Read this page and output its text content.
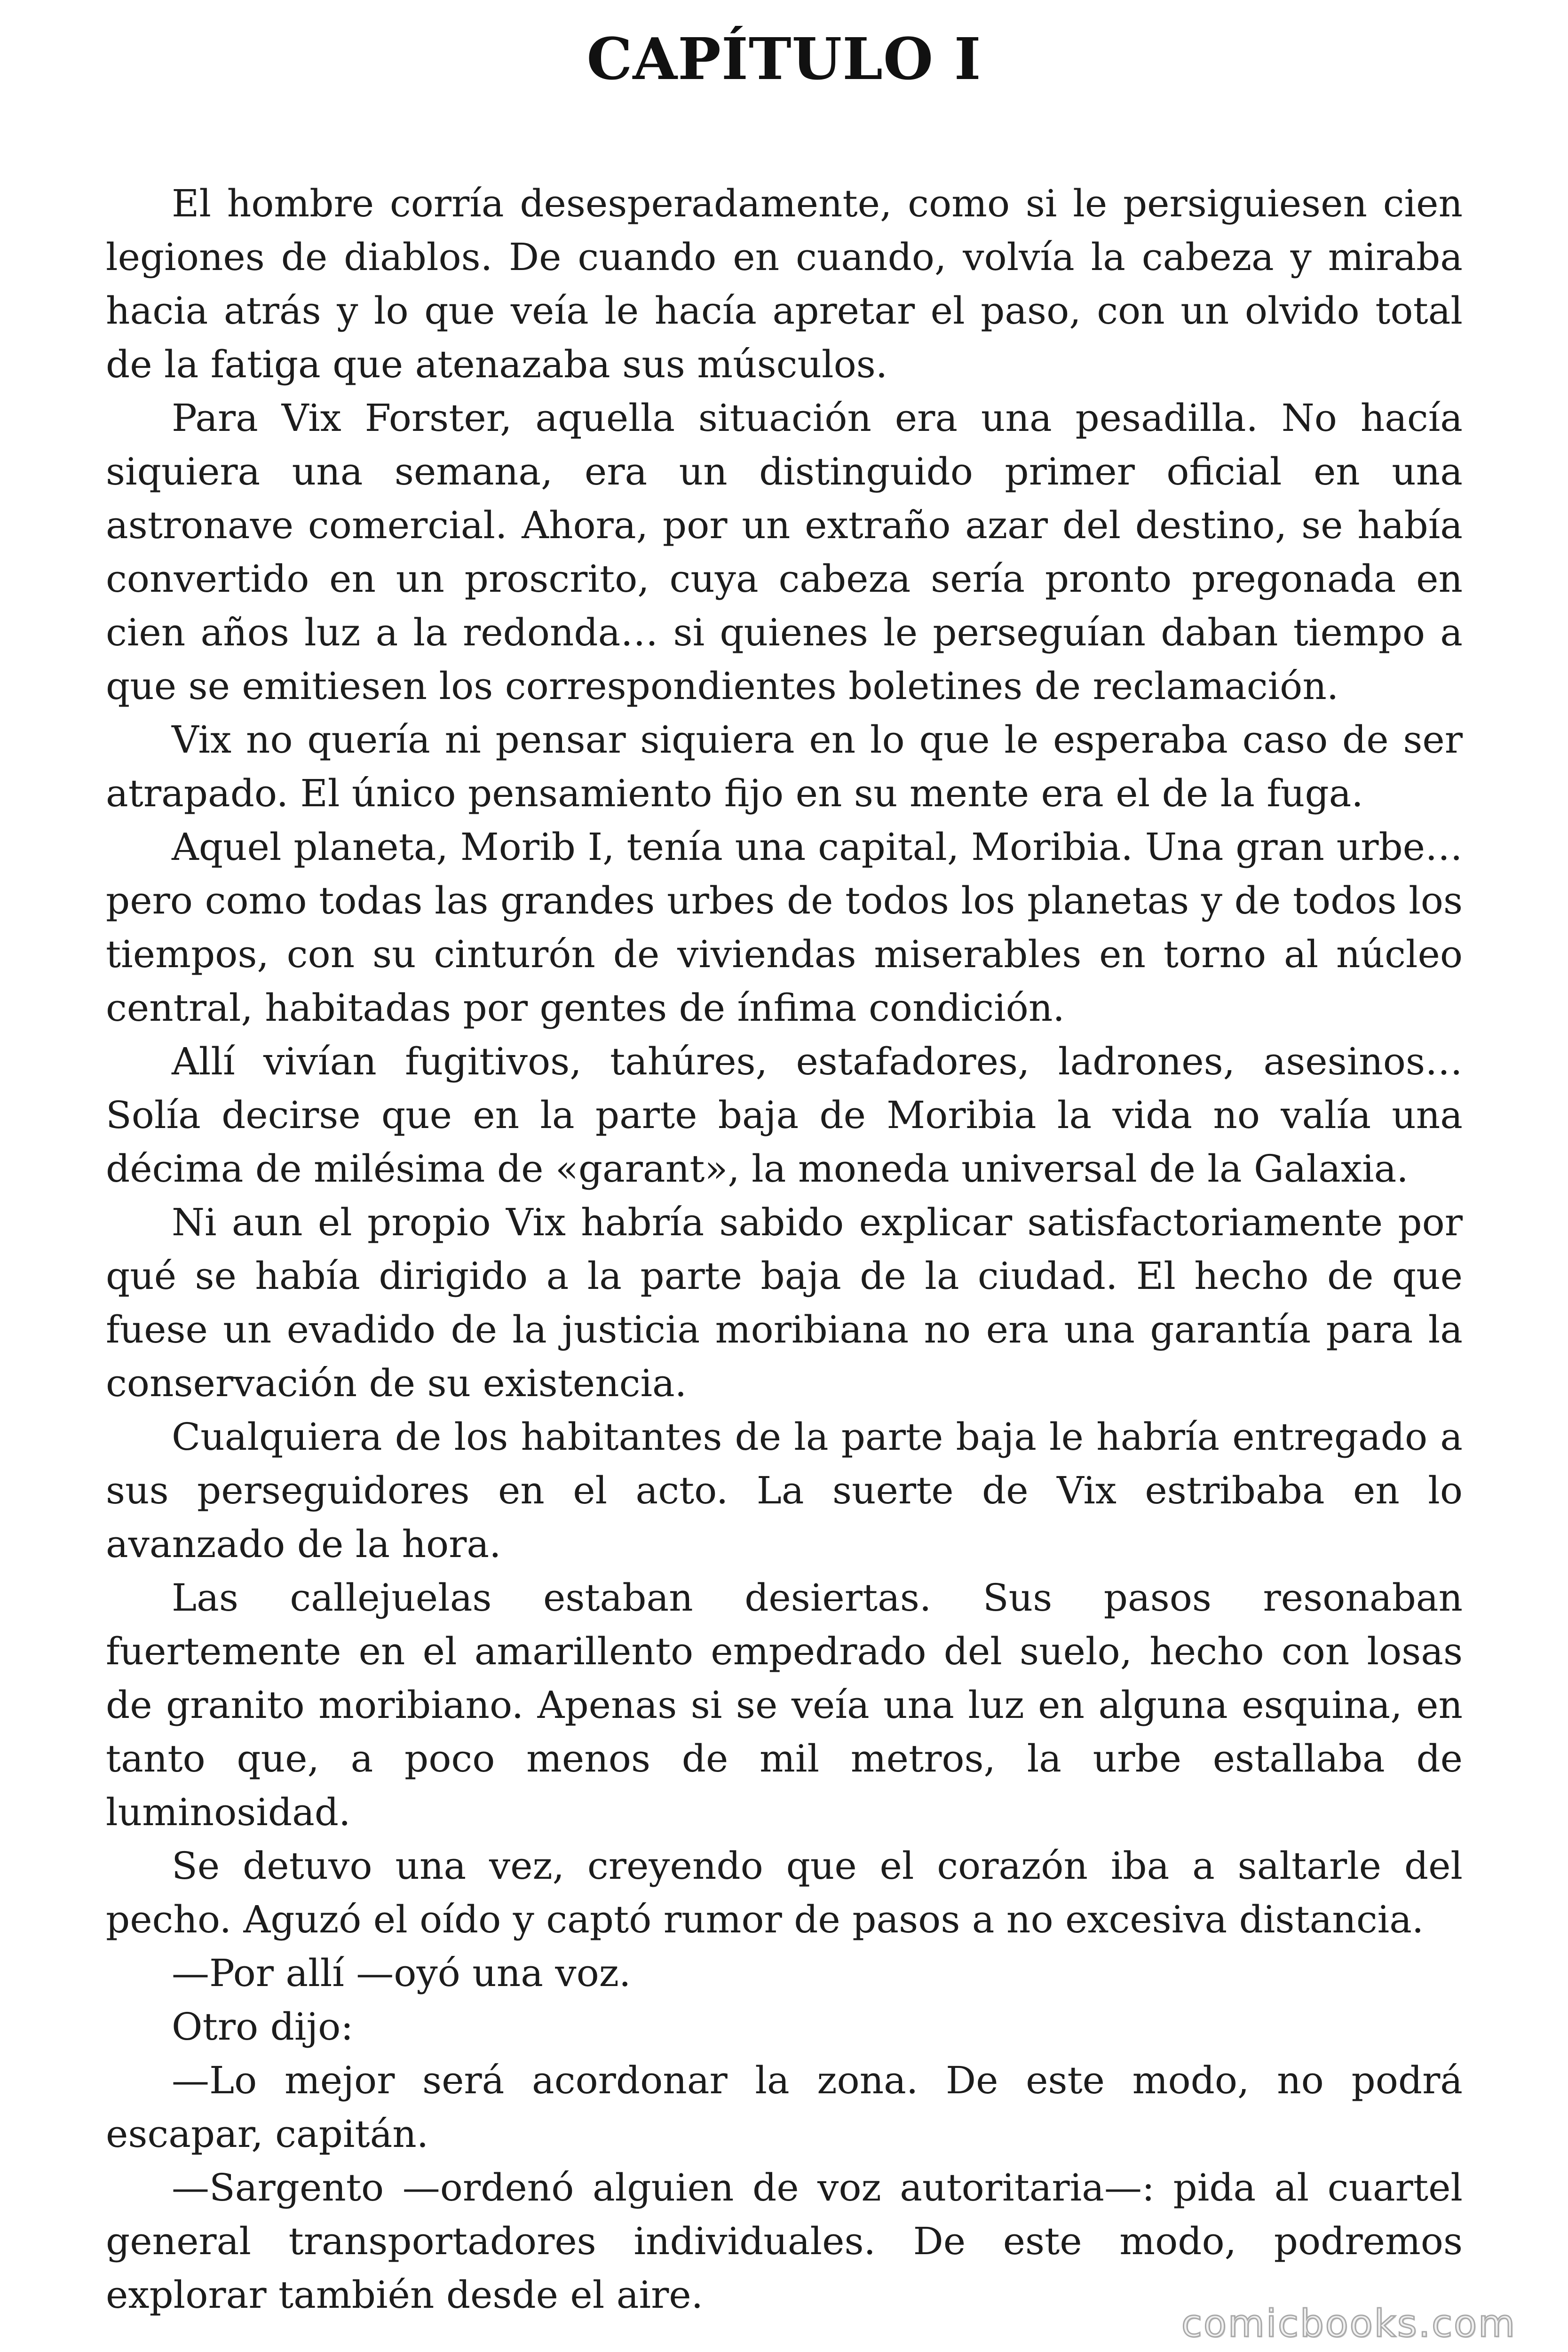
CAPÍTULO I

El hombre corría desesperadamente, como si le persiguiesen cien legiones de diablos. De cuando en cuando, volvía la cabeza y miraba hacia atrás y lo que veía le hacía apretar el paso, con un olvido total de la fatiga que atenazaba sus músculos.

Para Vix Forster, aquella situación era una pesadilla. No hacía siquiera una semana, era un distinguido primer oficial en una astronave comercial. Ahora, por un extraño azar del destino, se había convertido en un proscrito, cuya cabeza sería pronto pregonada en cien años luz a la redonda… si quienes le perseguían daban tiempo a que se emitiesen los correspondientes boletines de reclamación.

Vix no quería ni pensar siquiera en lo que le esperaba caso de ser atrapado. El único pensamiento fijo en su mente era el de la fuga.

Aquel planeta, Morib I, tenía una capital, Moribia. Una gran urbe… pero como todas las grandes urbes de todos los planetas y de todos los tiempos, con su cinturón de viviendas miserables en torno al núcleo central, habitadas por gentes de ínfima condición.

Allí vivían fugitivos, tahúres, estafadores, ladrones, asesinos… Solía decirse que en la parte baja de Moribia la vida no valía una décima de milésima de «garant», la moneda universal de la Galaxia.

Ni aun el propio Vix habría sabido explicar satisfactoriamente por qué se había dirigido a la parte baja de la ciudad. El hecho de que fuese un evadido de la justicia moribiana no era una garantía para la conservación de su existencia.

Cualquiera de los habitantes de la parte baja le habría entregado a sus perseguidores en el acto. La suerte de Vix estribaba en lo avanzado de la hora.

Las callejuelas estaban desiertas. Sus pasos resonaban fuertemente en el amarillento empedrado del suelo, hecho con losas de granito moribiano. Apenas si se veía una luz en alguna esquina, en tanto que, a poco menos de mil metros, la urbe estallaba de luminosidad.

Se detuvo una vez, creyendo que el corazón iba a saltarle del pecho. Aguzó el oído y captó rumor de pasos a no excesiva distancia.

—Por allí —oyó una voz.

Otro dijo:

—Lo mejor será acordonar la zona. De este modo, no podrá escapar, capitán.

—Sargento —ordenó alguien de voz autoritaria—: pida al cuartel general transportadores individuales. De este modo, podremos explorar también desde el aire.

comicbooks.com
